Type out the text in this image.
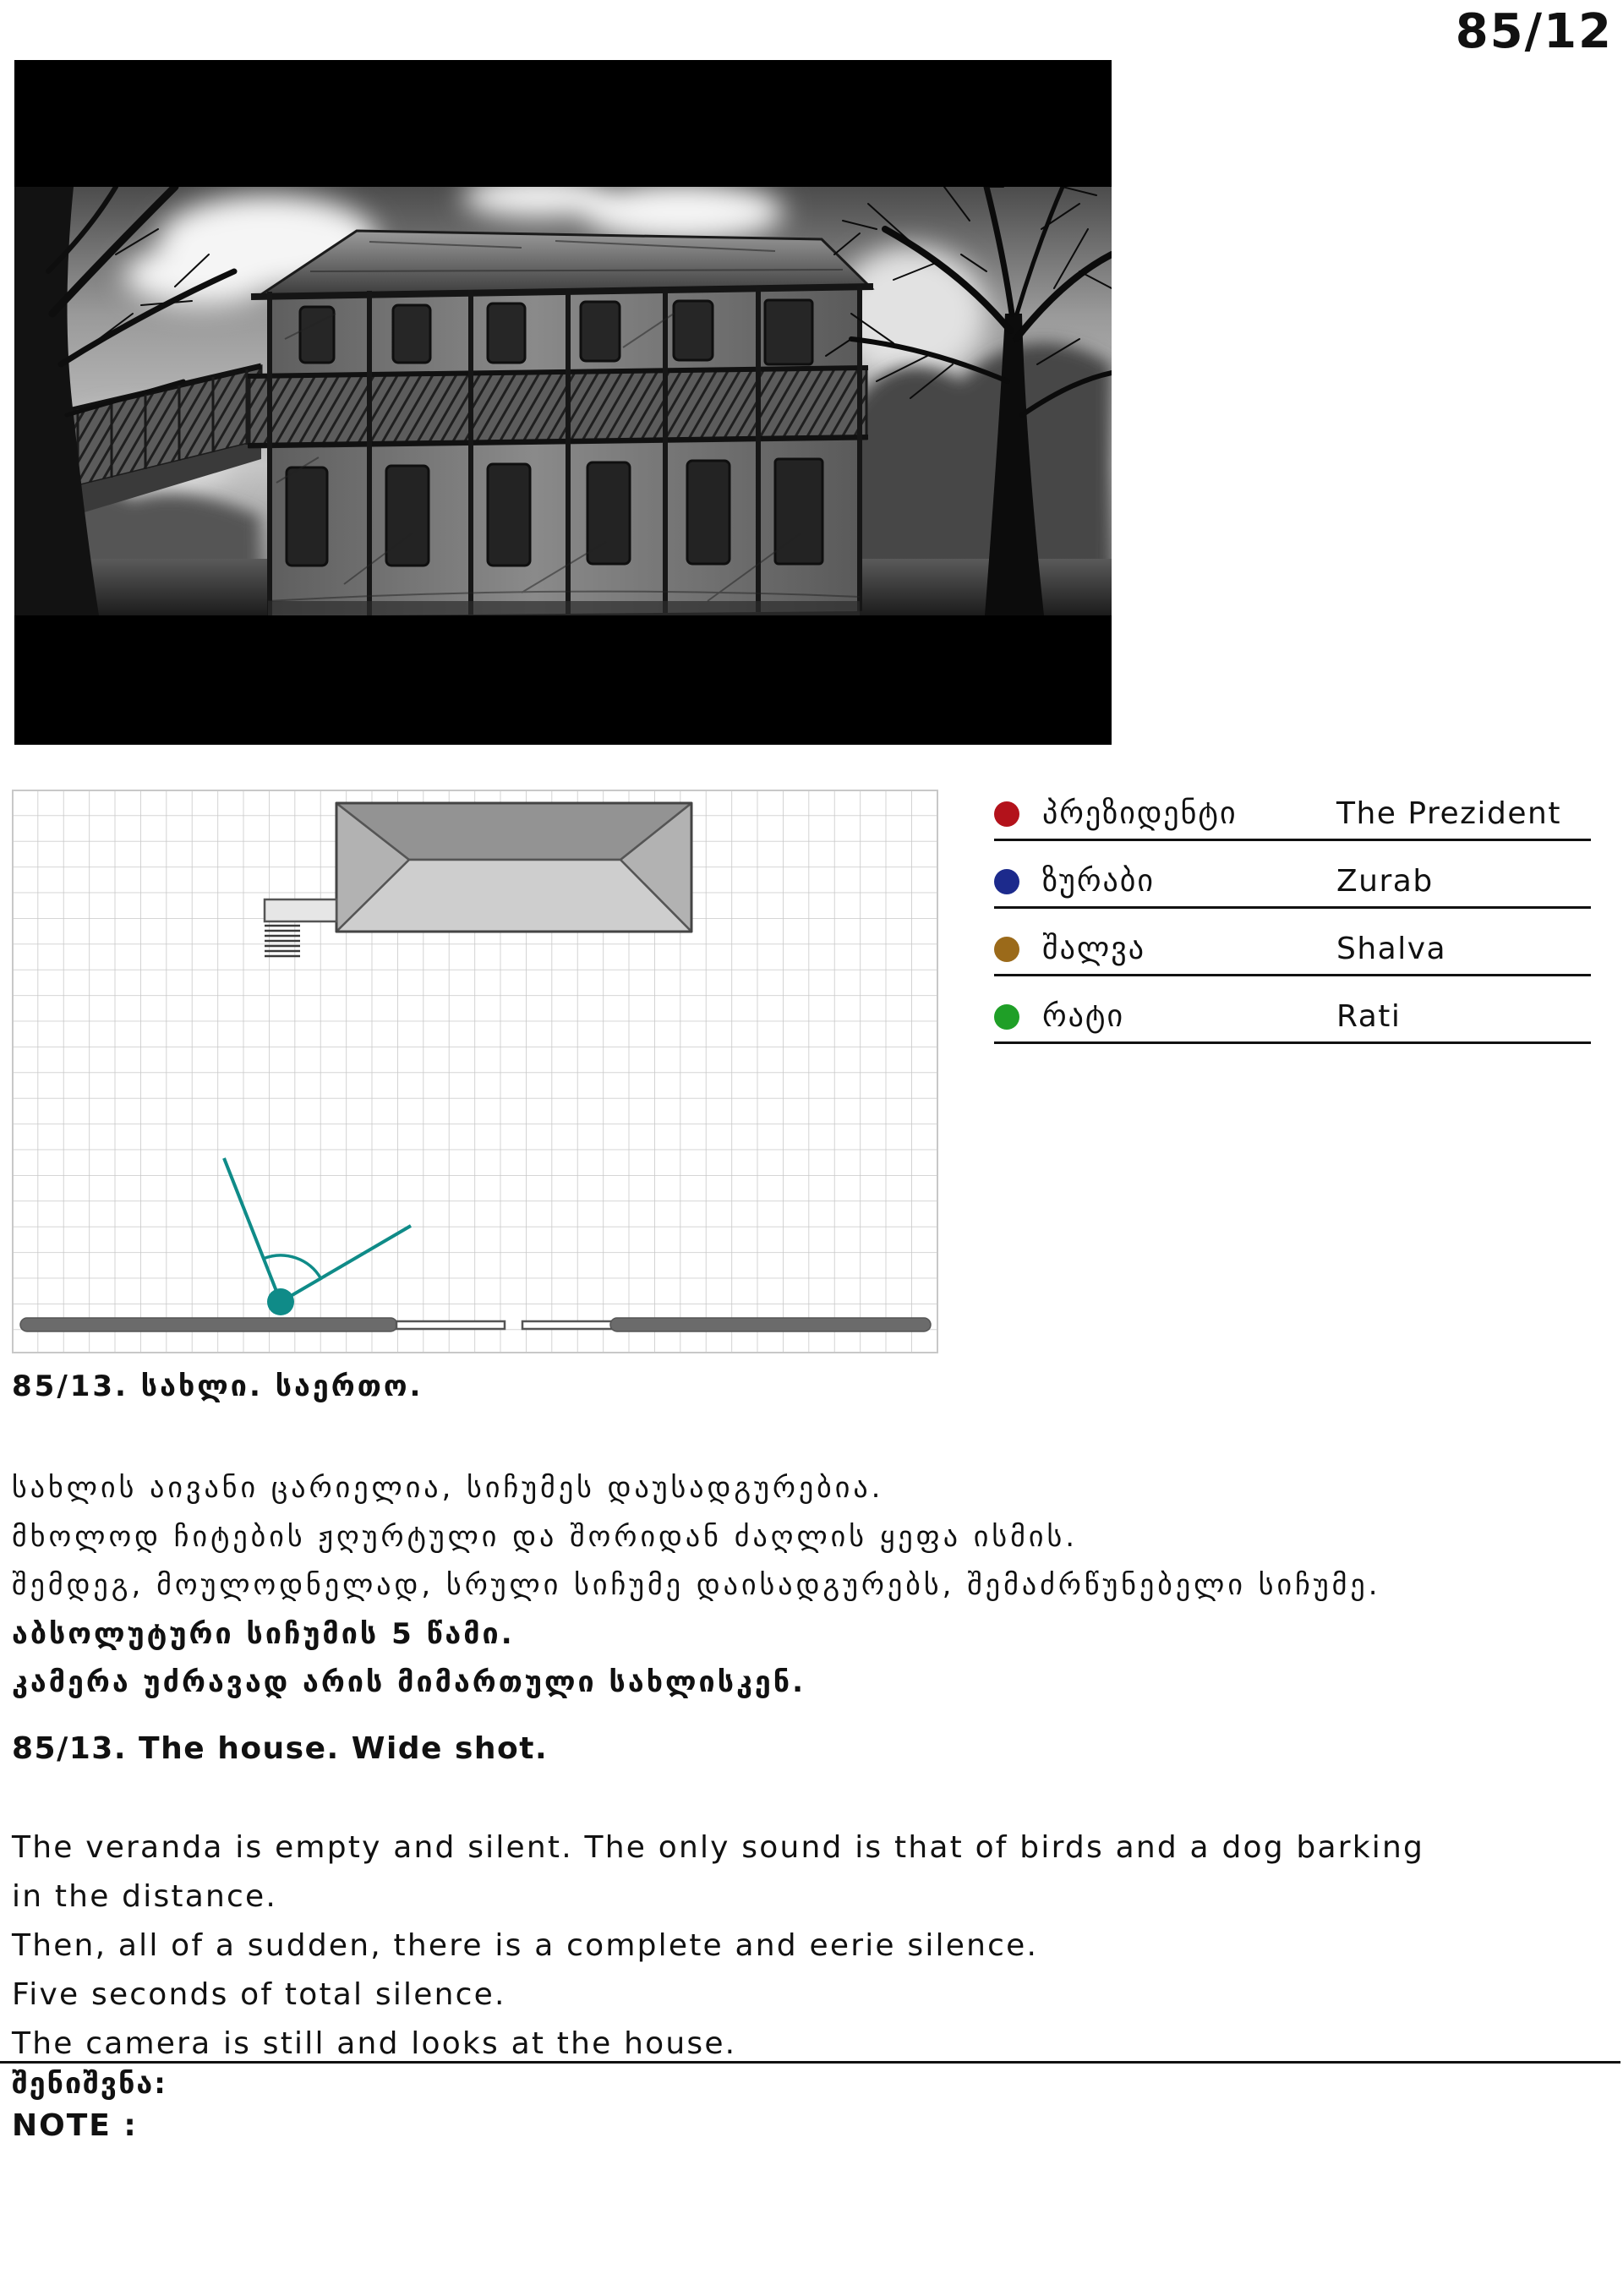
85/12
პრეზიდენტი	The Prezident
ზურაბი	Zurab
შალვა	Shalva
რატი	Rati
85/13. სახლი. საერთო.
სახლის აივანი ცარიელია, სიჩუმეს დაუსადგურებია.
მხოლოდ ჩიტების ჟღურტული და შორიდან ძაღლის ყეფა ისმის.
შემდეგ, მოულოდნელად, სრული სიჩუმე დაისადგურებს, შემაძრწუნებელი სიჩუმე.
აბსოლუტური სიჩუმის 5 წამი.
კამერა უძრავად არის მიმართული სახლისკენ.
85/13. The house. Wide shot.
The veranda is empty and silent. The only sound is that of birds and a dog barking
in the distance.
Then, all of a sudden, there is a complete and eerie silence.
Five seconds of total silence.
The camera is still and looks at the house.
შენიშვნა:
NOTE :
